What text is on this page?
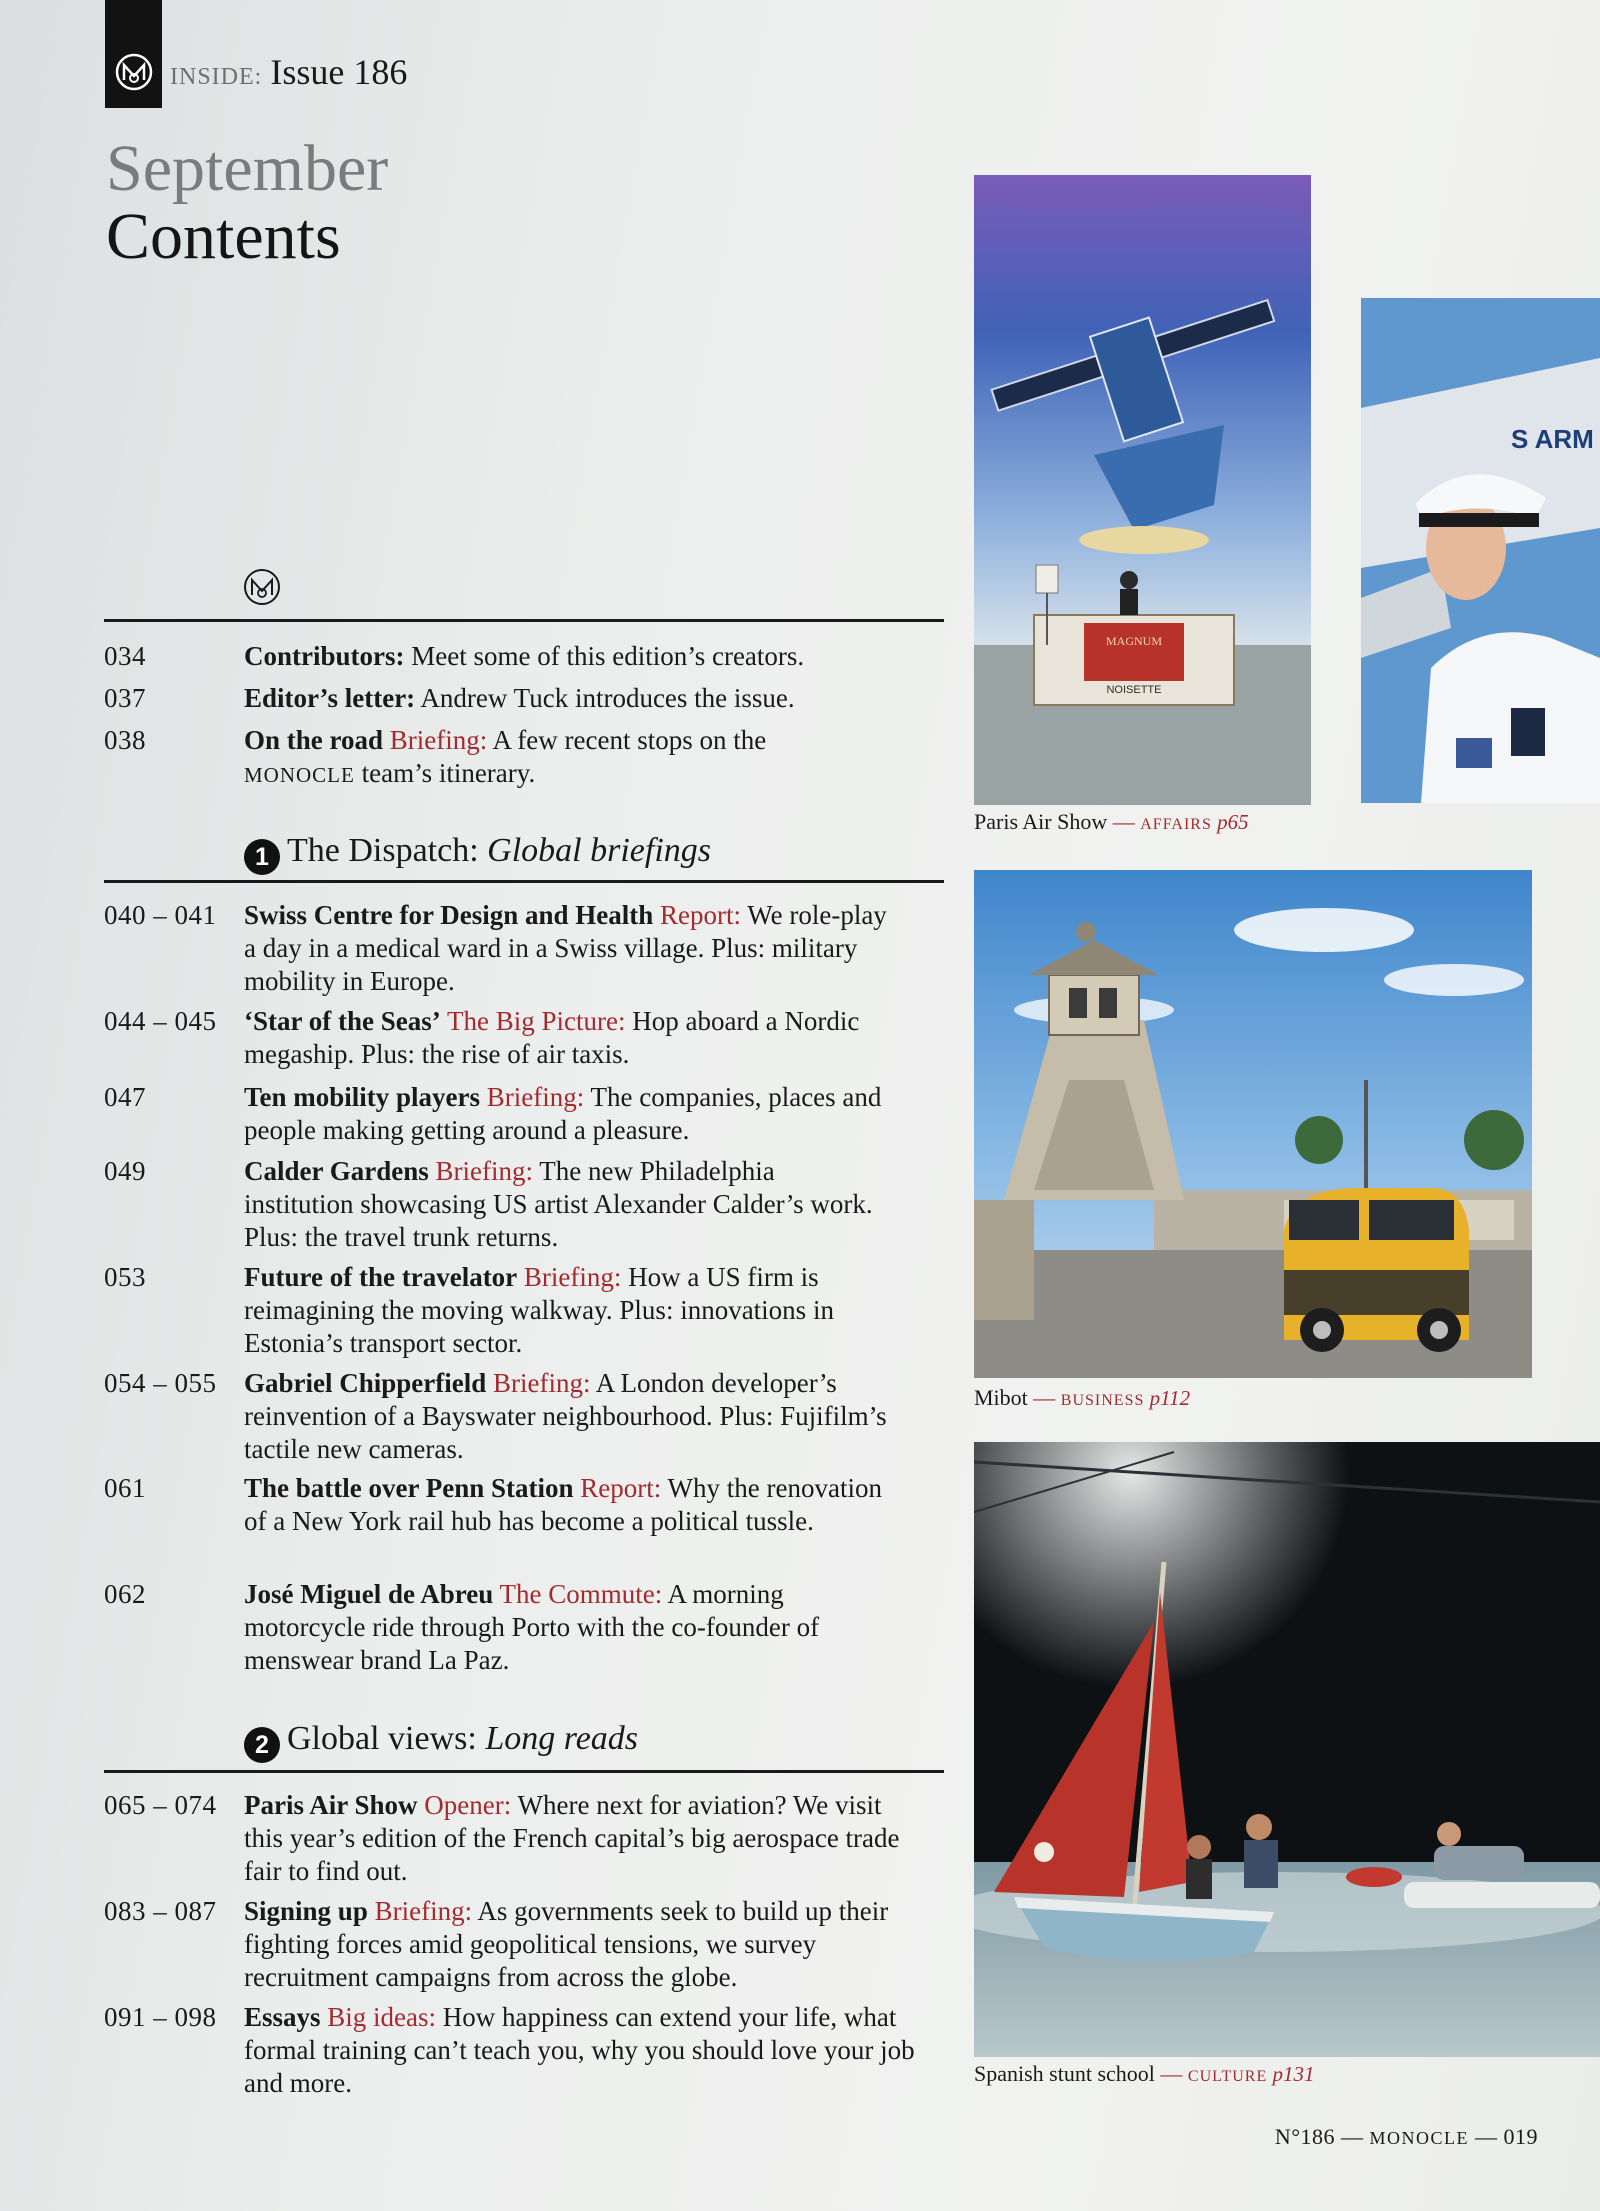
INSIDE: Issue 186
September
Contents
034	Contributors: Meet some of this edition’s creators.
037	Editor’s letter: Andrew Tuck introduces the issue.
038	On the road Briefing: A few recent stops on the
MONOCLE team’s itinerary.
1 The Dispatch: Global briefings
040 – 041 Swiss Centre for Design and Health Report: We role-play a day in a medical ward in a Swiss village. Plus: military mobility in Europe.
044 – 045 ‘Star of the Seas’ The Big Picture: Hop aboard a Nordic megaship. Plus: the rise of air taxis.
047	Ten mobility players Briefing: The companies, places and people making getting around a pleasure.
049	Calder Gardens Briefing: The new Philadelphia institution showcasing US artist Alexander Calder’s work. Plus: the travel trunk returns.
053	Future of the travelator Briefing: How a US firm is reimagining the moving walkway. Plus: innovations in Estonia’s transport sector.
054 – 055 Gabriel Chipperfield Briefing: A London developer’s reinvention of a Bayswater neighbourhood. Plus: Fujifilm’s tactile new cameras.
061	The battle over Penn Station Report: Why the renovation of a New York rail hub has become a political tussle.
062	José Miguel de Abreu The Commute: A morning motorcycle ride through Porto with the co-founder of menswear brand La Paz.
2 Global views: Long reads
065 – 074 Paris Air Show Opener: Where next for aviation? We visit this year’s edition of the French capital’s big aerospace trade fair to find out.
083 – 087 Signing up Briefing: As governments seek to build up their fighting forces amid geopolitical tensions, we survey recruitment campaigns from across the globe.
091 – 098 Essays Big ideas: How happiness can extend your life, what formal training can’t teach you, why you should love your job and more.
MAGNUM
NOISETTE
S ARM
Paris Air Show — AFFAIRS p65
Mibot — BUSINESS p112
Spanish stunt school — CULTURE p131
N°186 — MONOCLE — 019
